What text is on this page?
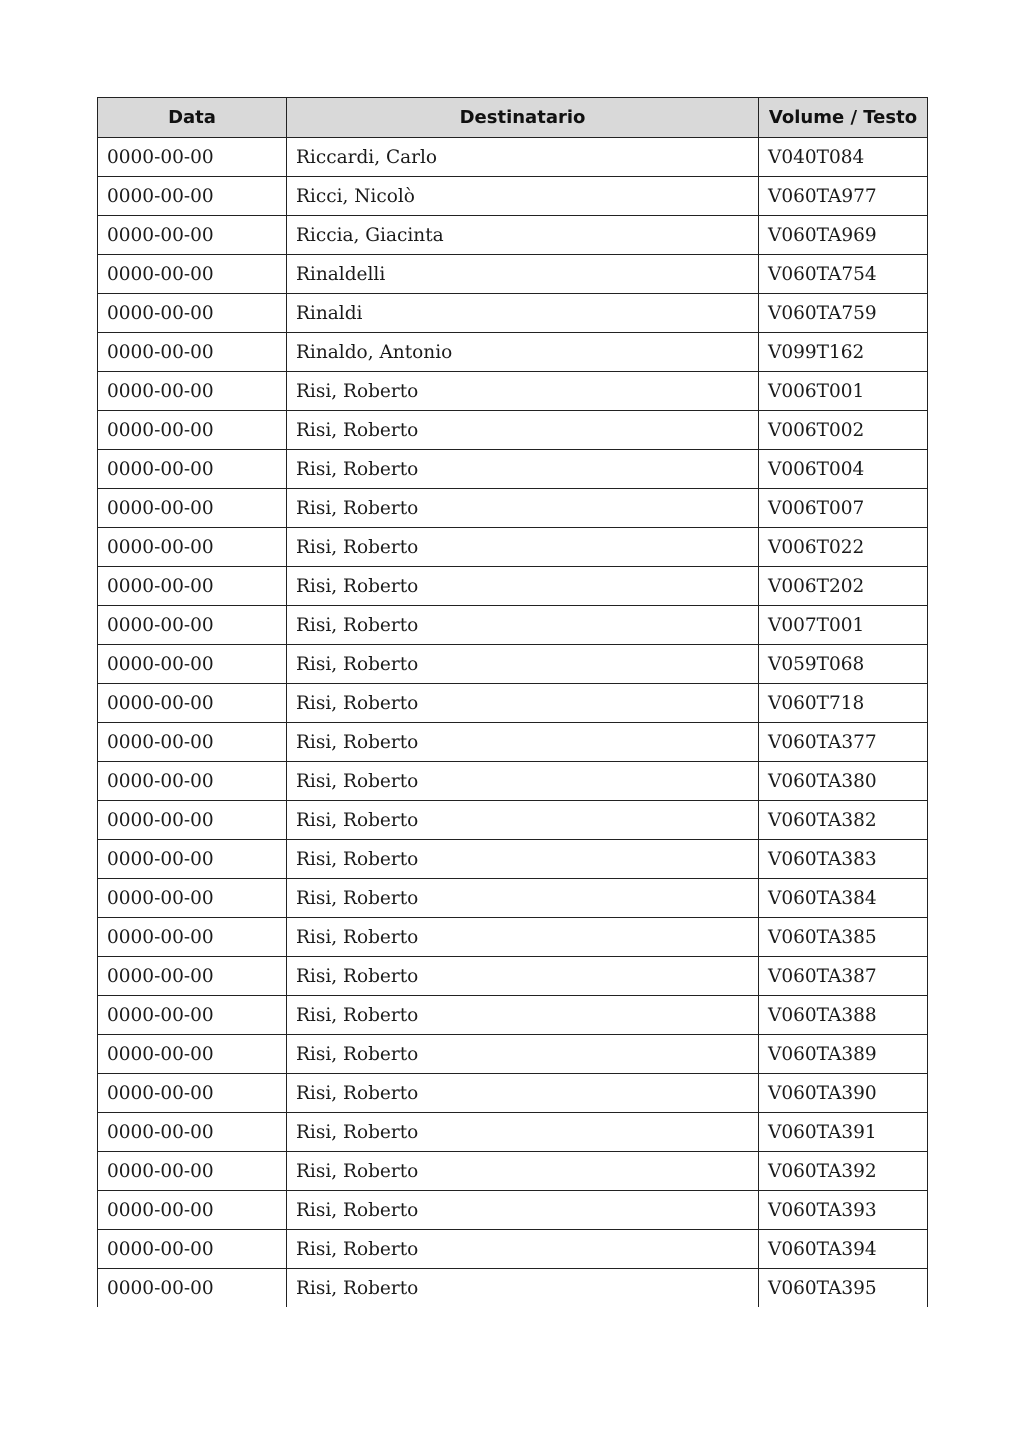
Data	Destinatario	Volume / Testo
0000-00-00	Riccardi, Carlo	V040T084
0000-00-00	Ricci, Nicolò	V060TA977
0000-00-00	Riccia, Giacinta	V060TA969
0000-00-00	Rinaldelli	V060TA754
0000-00-00	Rinaldi	V060TA759
0000-00-00	Rinaldo, Antonio	V099T162
0000-00-00	Risi, Roberto	V006T001
0000-00-00	Risi, Roberto	V006T002
0000-00-00	Risi, Roberto	V006T004
0000-00-00	Risi, Roberto	V006T007
0000-00-00	Risi, Roberto	V006T022
0000-00-00	Risi, Roberto	V006T202
0000-00-00	Risi, Roberto	V007T001
0000-00-00	Risi, Roberto	V059T068
0000-00-00	Risi, Roberto	V060T718
0000-00-00	Risi, Roberto	V060TA377
0000-00-00	Risi, Roberto	V060TA380
0000-00-00	Risi, Roberto	V060TA382
0000-00-00	Risi, Roberto	V060TA383
0000-00-00	Risi, Roberto	V060TA384
0000-00-00	Risi, Roberto	V060TA385
0000-00-00	Risi, Roberto	V060TA387
0000-00-00	Risi, Roberto	V060TA388
0000-00-00	Risi, Roberto	V060TA389
0000-00-00	Risi, Roberto	V060TA390
0000-00-00	Risi, Roberto	V060TA391
0000-00-00	Risi, Roberto	V060TA392
0000-00-00	Risi, Roberto	V060TA393
0000-00-00	Risi, Roberto	V060TA394
0000-00-00	Risi, Roberto	V060TA395
